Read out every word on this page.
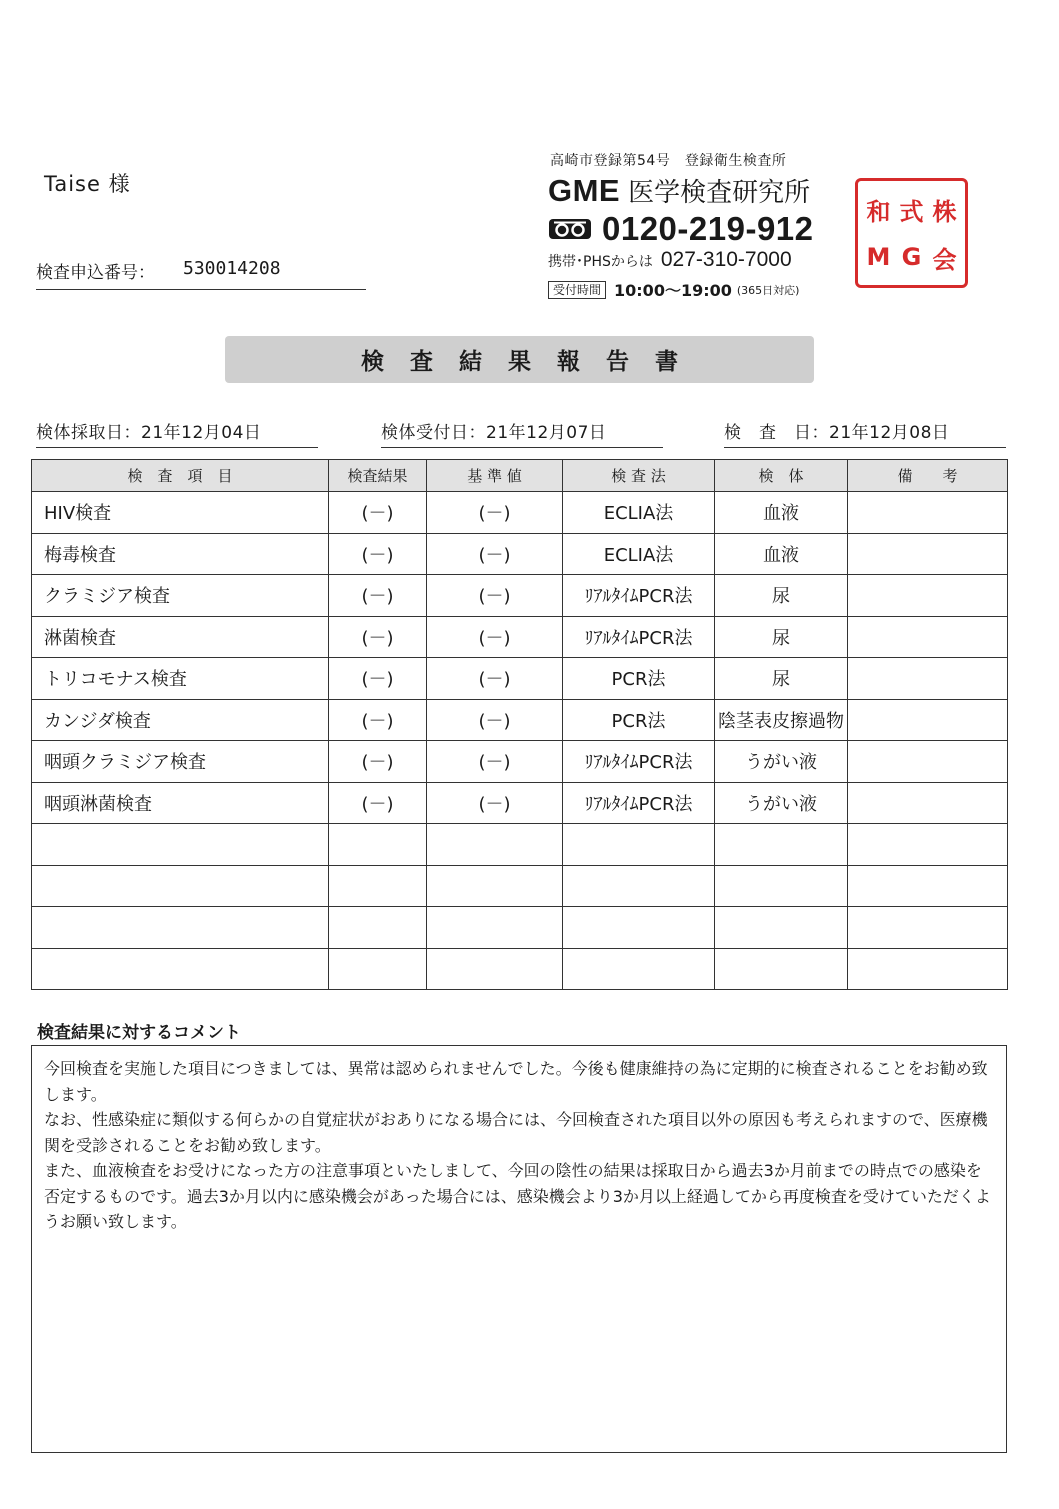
Taise 様
検査申込番号： 530014208
高崎市登録第54号　登録衛生検査所
GME 医学検査研究所
0120-219-912
携帯･PHSからは 027-310-7000
受付時間 10:00〜19:00 (365日対応)
和 式 株
M G 会
検査結果報告書
検体採取日：21年12月04日	検体受付日：21年12月07日	検　査　日：21年12月08日
検　査　項　目	検査結果	基 準 値	検 査 法	検　体	備　　考
HIV検査	(－)	(－)	ECLIA法	血液	
梅毒検査	(－)	(－)	ECLIA法	血液	
クラミジア検査	(－)	(－)	ﾘｱﾙﾀｲﾑPCR法	尿	
淋菌検査	(－)	(－)	ﾘｱﾙﾀｲﾑPCR法	尿	
トリコモナス検査	(－)	(－)	PCR法	尿	
カンジダ検査	(－)	(－)	PCR法	陰茎表皮擦過物	
咽頭クラミジア検査	(－)	(－)	ﾘｱﾙﾀｲﾑPCR法	うがい液	
咽頭淋菌検査	(－)	(－)	ﾘｱﾙﾀｲﾑPCR法	うがい液	

検査結果に対するコメント

今回検査を実施した項目につきましては、異常は認められませんでした。今後も健康維持の為に定期的に検査されることをお勧め致します。

なお、性感染症に類似する何らかの自覚症状がおありになる場合には、今回検査された項目以外の原因も考えられますので、医療機関を受診されることをお勧め致します。

また、血液検査をお受けになった方の注意事項といたしまして、今回の陰性の結果は採取日から過去3か月前までの時点での感染を否定するものです。過去3か月以内に感染機会があった場合には、感染機会より3か月以上経過してから再度検査を受けていただくようお願い致します。
